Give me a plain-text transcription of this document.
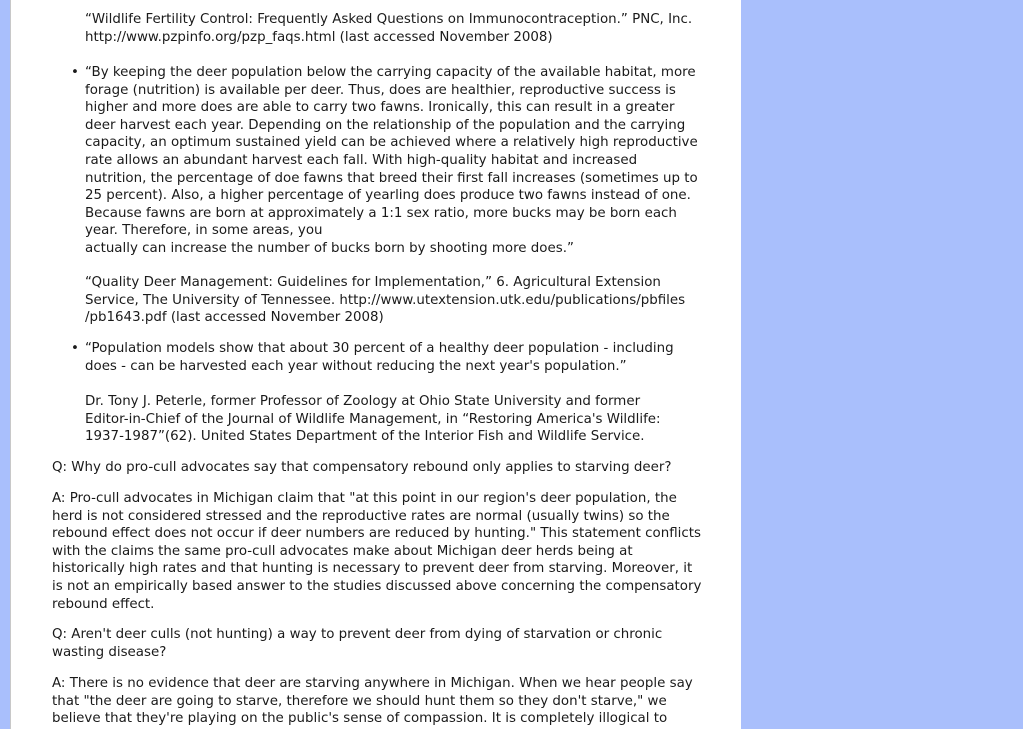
“Wildlife Fertility Control: Frequently Asked Questions on Immunocontraception.” PNC, Inc.
http://www.pzpinfo.org/pzp_faqs.html (last accessed November 2008)
• “By keeping the deer population below the carrying capacity of the available habitat, more
forage (nutrition) is available per deer. Thus, does are healthier, reproductive success is
higher and more does are able to carry two fawns. Ironically, this can result in a greater
deer harvest each year. Depending on the relationship of the population and the carrying
capacity, an optimum sustained yield can be achieved where a relatively high reproductive
rate allows an abundant harvest each fall. With high-quality habitat and increased
nutrition, the percentage of doe fawns that breed their first fall increases (sometimes up to
25 percent). Also, a higher percentage of yearling does produce two fawns instead of one.
Because fawns are born at approximately a 1:1 sex ratio, more bucks may be born each
year. Therefore, in some areas, you
actually can increase the number of bucks born by shooting more does.”
“Quality Deer Management: Guidelines for Implementation,” 6. Agricultural Extension
Service, The University of Tennessee. http://www.utextension.utk.edu/publications/pbfiles
/pb1643.pdf (last accessed November 2008)
• “Population models show that about 30 percent of a healthy deer population - including
does - can be harvested each year without reducing the next year's population.”
Dr. Tony J. Peterle, former Professor of Zoology at Ohio State University and former
Editor-in-Chief of the Journal of Wildlife Management, in “Restoring America's Wildlife:
1937-1987”(62). United States Department of the Interior Fish and Wildlife Service.
Q: Why do pro-cull advocates say that compensatory rebound only applies to starving deer?
A: Pro-cull advocates in Michigan claim that "at this point in our region's deer population, the
herd is not considered stressed and the reproductive rates are normal (usually twins) so the
rebound effect does not occur if deer numbers are reduced by hunting." This statement conflicts
with the claims the same pro-cull advocates make about Michigan deer herds being at
historically high rates and that hunting is necessary to prevent deer from starving. Moreover, it
is not an empirically based answer to the studies discussed above concerning the compensatory
rebound effect.
Q: Aren't deer culls (not hunting) a way to prevent deer from dying of starvation or chronic
wasting disease?
A: There is no evidence that deer are starving anywhere in Michigan. When we hear people say
that "the deer are going to starve, therefore we should hunt them so they don't starve," we
believe that they're playing on the public's sense of compassion. It is completely illogical to
